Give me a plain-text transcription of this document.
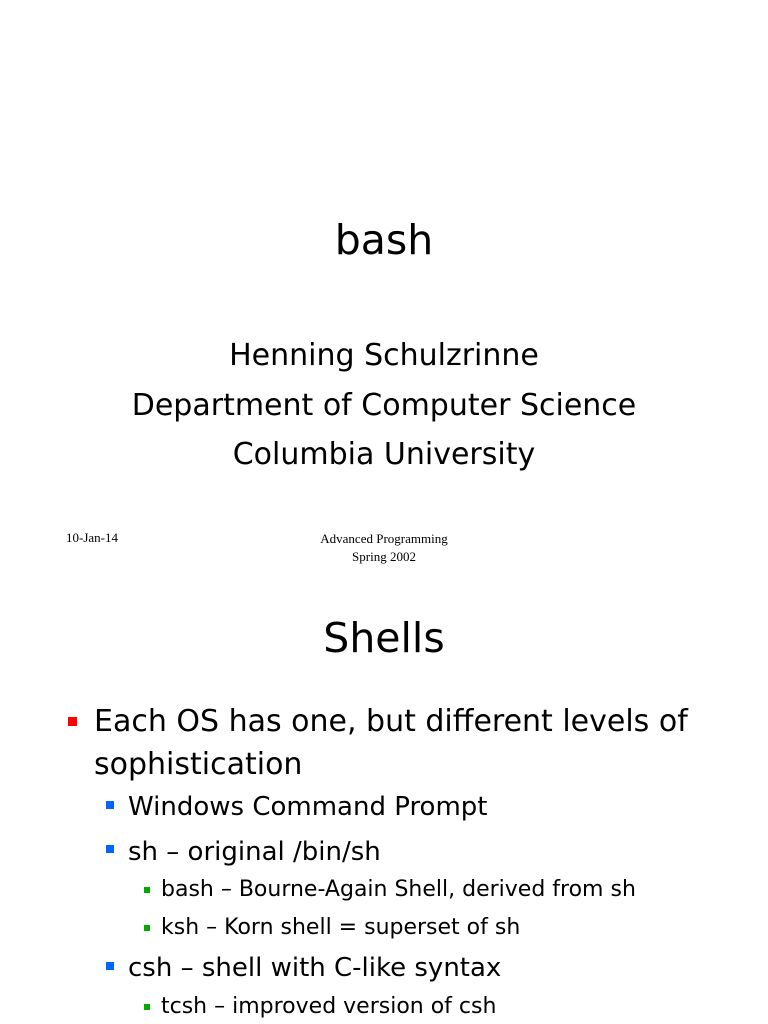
bash
Henning Schulzrinne
Department of Computer Science
Columbia University
10-Jan-14	Advanced Programming
Spring 2002
Shells
Each OS has one, but different levels of
sophistication
Windows Command Prompt
sh – original /bin/sh
bash – Bourne-Again Shell, derived from sh
ksh – Korn shell = superset of sh
csh – shell with C-like syntax
tcsh – improved version of csh
